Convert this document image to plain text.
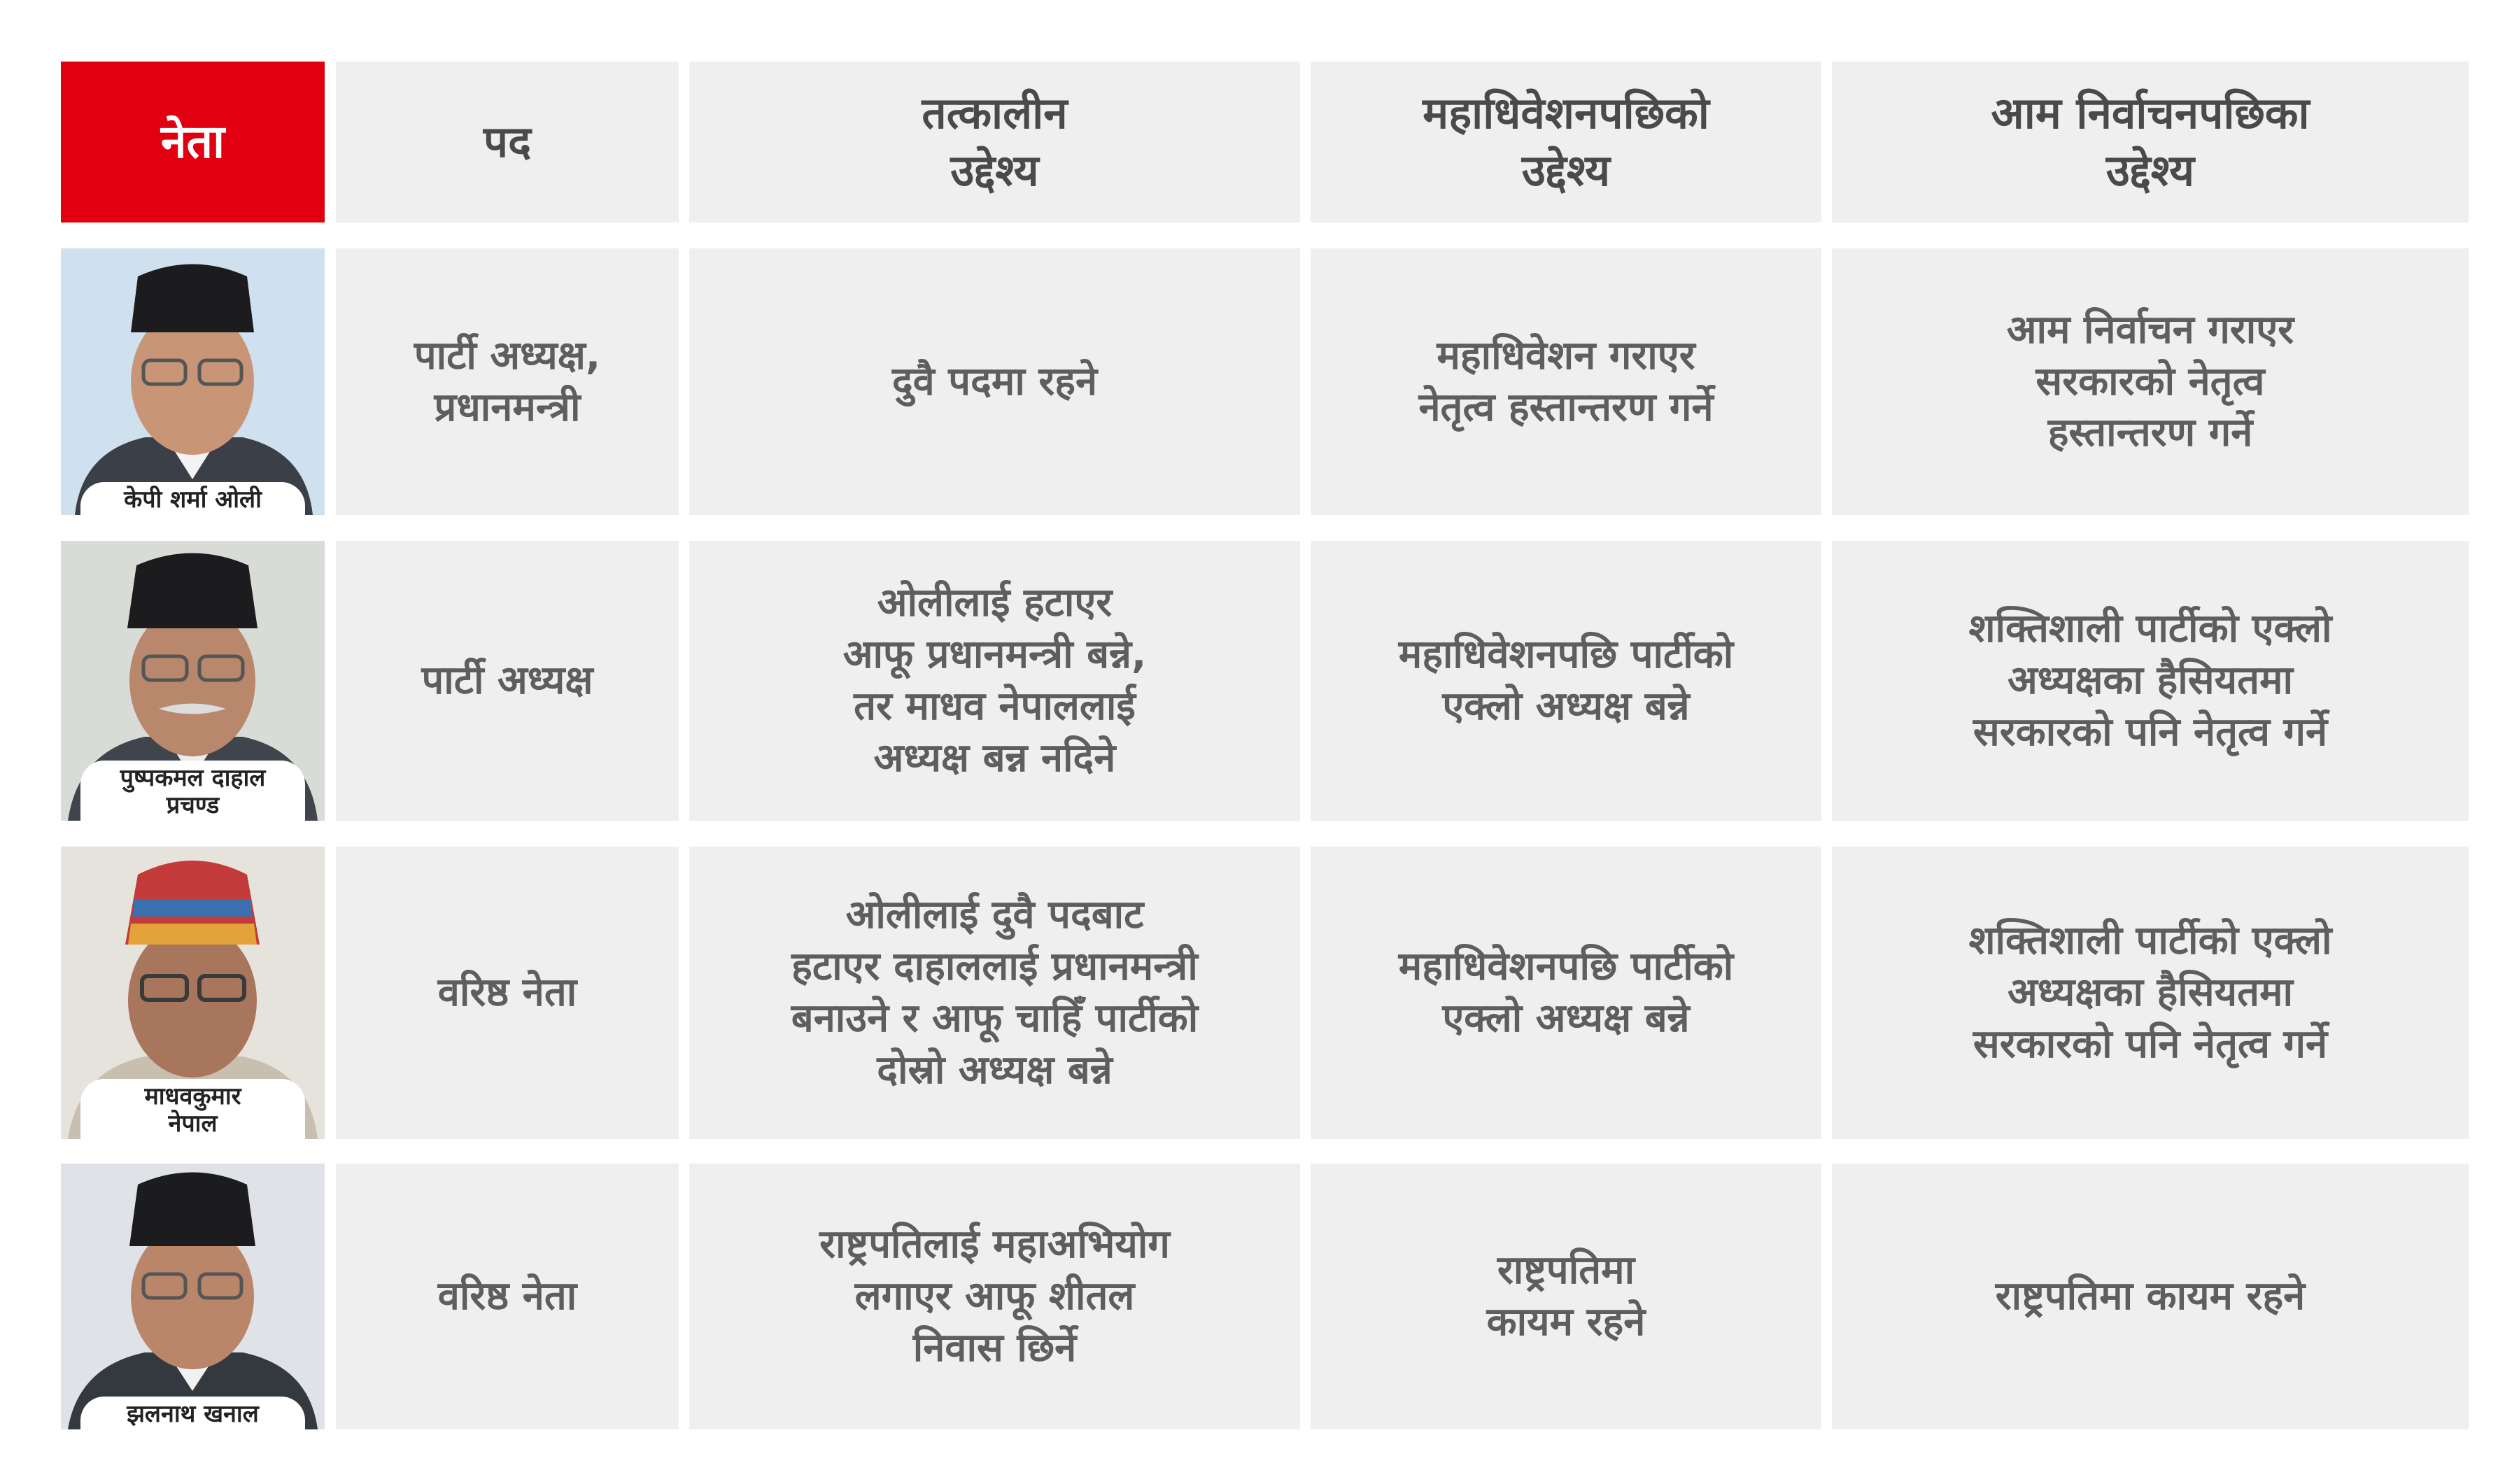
नेता	पद
तत्कालीन
उद्देश्य
महाधिवेशनपछिको
उद्देश्य
आम निर्वाचनपछिका
उद्देश्य
केपी शर्मा ओली
पार्टी अध्यक्ष,
प्रधानमन्त्री
दुवै पदमा रहने
महाधिवेशन गराएर
नेतृत्व हस्तान्तरण गर्ने
आम निर्वाचन गराएर
सरकारको नेतृत्व
हस्तान्तरण गर्ने
पुष्पकमल दाहाल
प्रचण्ड
पार्टी अध्यक्ष
ओलीलाई हटाएर
आफू प्रधानमन्त्री बन्ने,
तर माधव नेपाललाई
अध्यक्ष बन्न नदिने
महाधिवेशनपछि पार्टीको
एक्लो अध्यक्ष बन्ने
शक्तिशाली पार्टीको एक्लो
अध्यक्षका हैसियतमा
सरकारको पनि नेतृत्व गर्ने
माधवकुमार
नेपाल
वरिष्ठ नेता
ओलीलाई दुवै पदबाट
हटाएर दाहाललाई प्रधानमन्त्री
बनाउने र आफू चाहिँ पार्टीको
दोस्रो अध्यक्ष बन्ने
महाधिवेशनपछि पार्टीको
एक्लो अध्यक्ष बन्ने
शक्तिशाली पार्टीको एक्लो
अध्यक्षका हैसियतमा
सरकारको पनि नेतृत्व गर्ने
झलनाथ खनाल
वरिष्ठ नेता
राष्ट्रपतिलाई महाअभियोग
लगाएर आफू शीतल
निवास छिर्ने
राष्ट्रपतिमा
कायम रहने
राष्ट्रपतिमा कायम रहने
